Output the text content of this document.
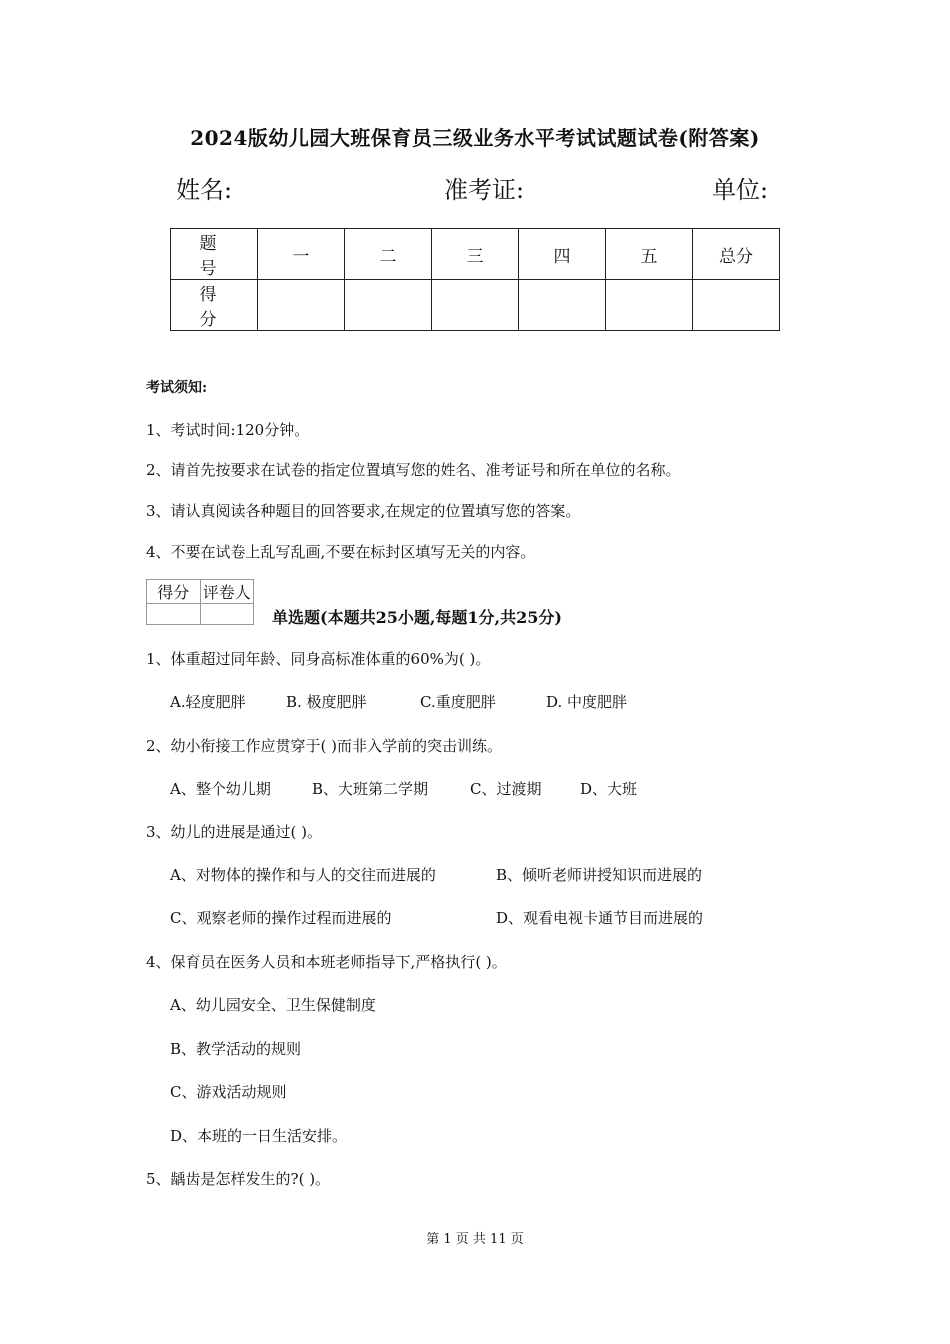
2024版幼儿园大班保育员三级业务水平考试试题试卷(附答案)
姓名:	准考证:	单位:
题 号	一	二	三	四	五	总分
得 分						
考试须知:
1、考试时间:120分钟。
2、请首先按要求在试卷的指定位置填写您的姓名、准考证号和所在单位的名称。
3、请认真阅读各种题目的回答要求,在规定的位置填写您的答案。
4、不要在试卷上乱写乱画,不要在标封区填写无关的内容。
得分	评卷人

单选题(本题共25小题,每题1分,共25分)
1、体重超过同年龄、同身高标准体重的60%为( )。
A.轻度肥胖	B. 极度肥胖	C.重度肥胖	D. 中度肥胖
2、幼小衔接工作应贯穿于( )而非入学前的突击训练。
A、整个幼儿期	B、大班第二学期	C、过渡期	D、大班
3、幼儿的进展是通过( )。
A、对物体的操作和与人的交往而进展的	B、倾听老师讲授知识而进展的
C、观察老师的操作过程而进展的	D、观看电视卡通节目而进展的
4、保育员在医务人员和本班老师指导下,严格执行( )。
A、幼儿园安全、卫生保健制度
B、教学活动的规则
C、游戏活动规则
D、本班的一日生活安排。
5、龋齿是怎样发生的?( )。
第 1 页 共 11 页
